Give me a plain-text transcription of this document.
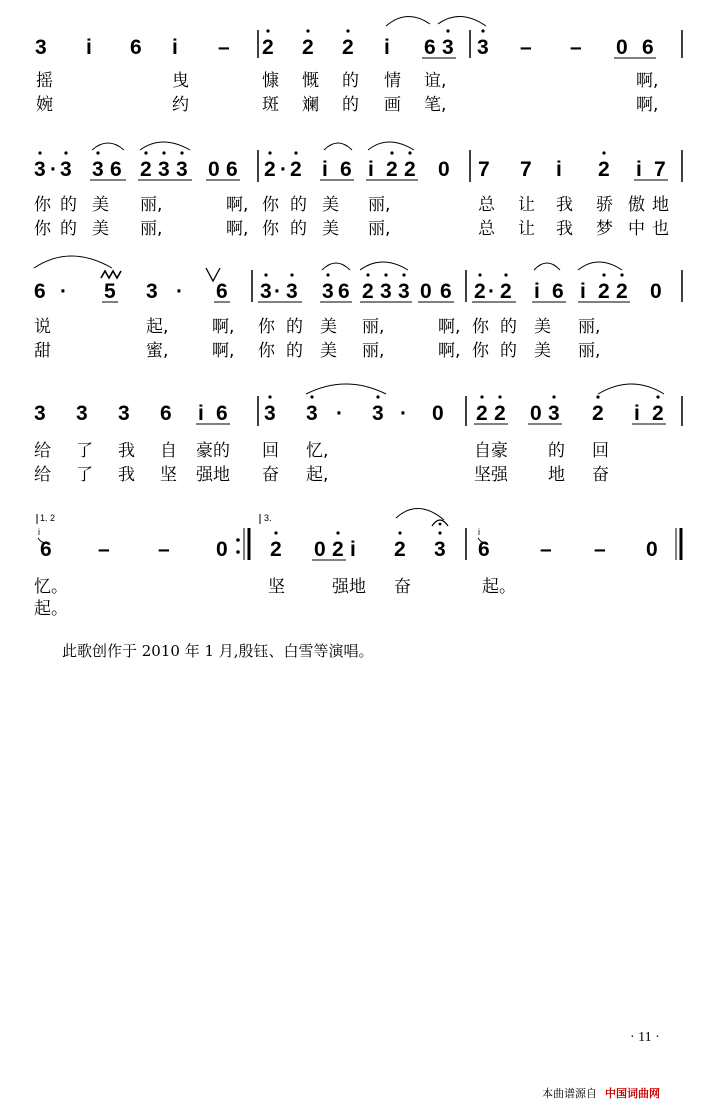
3 i 6 i – 2 2 2 i 6 3 3 – – 0 6
摇	曳	慷 慨 的 情 谊,	啊,
婉	约	斑 斓 的 画 笔,	啊,
3 3 3 6 2 3 3 0 6 2 2 i 6 i 2 2 0 7 7 i 2 i 7
·	·
你 的 美 丽,	啊, 你 的 美 丽,	总 让 我 骄 傲 地
你 的 美 丽,	啊, 你 的 美 丽,	总 让 我 梦 中 也
6	5 3	6 3 3 3 6 2 3 3 0 6 2 2 i 6 i 2 2 0
·	·	·	·
说	起,	啊, 你 的 美 丽,	啊, 你 的 美 丽,
甜	蜜,	啊, 你 的 美 丽,	啊, 你 的 美 丽,
3 3 3 6 i 6 3 3	3 0 2 2 0 3 2 i 2
·	·
给 了 我 自 豪的 回 忆,	自豪 的 回
给 了 我 坚 强地 奋 起,	坚强 地 奋
1. 2	3.
i	i
6 – – 0 2 0 2 i 2 3 6 – – 0
忆。	坚	强地 奋	起。
起。
此歌创作于 2010 年 1 月,殷钰、白雪等演唱。
· 11 ·
本曲谱源自 中国词曲网
